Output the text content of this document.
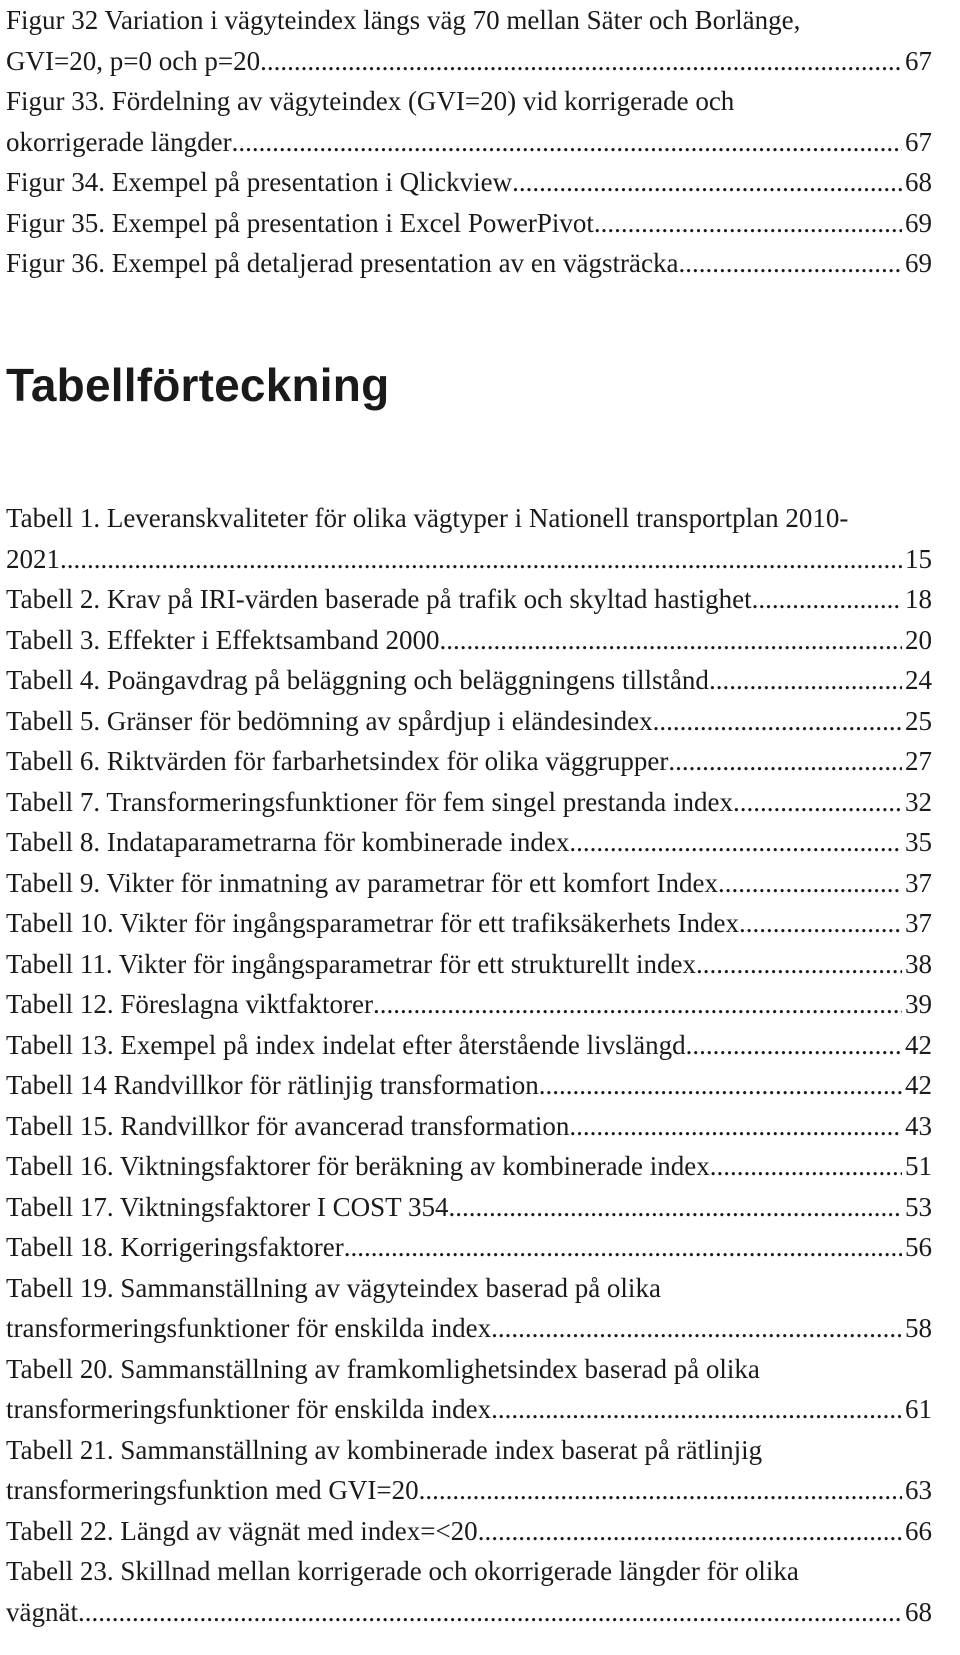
Figur 32 Variation i vägyteindex längs väg 70 mellan Säter och Borlänge,
GVI=20, p=0 och p=20. .....	67
Figur 33. Fördelning av vägyteindex (GVI=20) vid korrigerade och
okorrigerade längder .....	67
Figur 34. Exempel på presentation i Qlickview .....	68
Figur 35. Exempel på presentation i Excel PowerPivot. .....	69
Figur 36. Exempel på detaljerad presentation av en vägsträcka .....	69
Tabellförteckning
Tabell 1. Leveranskvaliteter för olika vägtyper i Nationell transportplan 2010-
2021 .....	15
Tabell 2. Krav på IRI-värden baserade på trafik och skyltad hastighet .....	18
Tabell 3. Effekter i Effektsamband 2000 .....	20
Tabell 4. Poängavdrag på beläggning och beläggningens tillstånd .....	24
Tabell 5. Gränser för bedömning av spårdjup i eländesindex .....	25
Tabell 6. Riktvärden för farbarhetsindex för olika väggrupper .....	27
Tabell 7. Transformeringsfunktioner för fem singel prestanda index .....	32
Tabell 8. Indataparametrarna för kombinerade index .....	35
Tabell 9. Vikter för inmatning av parametrar för ett komfort Index .....	37
Tabell 10. Vikter för ingångsparametrar för ett trafiksäkerhets Index .....	37
Tabell 11. Vikter för ingångsparametrar för ett strukturellt index .....	38
Tabell 12. Föreslagna viktfaktorer .....	39
Tabell 13. Exempel på index indelat efter återstående livslängd. .....	42
Tabell 14 Randvillkor för rätlinjig transformation .....	42
Tabell 15. Randvillkor för avancerad transformation .....	43
Tabell 16. Viktningsfaktorer för beräkning av kombinerade index .....	51
Tabell 17. Viktningsfaktorer I COST 354 .....	53
Tabell 18. Korrigeringsfaktorer .....	56
Tabell 19. Sammanställning av vägyteindex baserad på olika
transformeringsfunktioner för enskilda index .....	58
Tabell 20. Sammanställning av framkomlighetsindex baserad på olika
transformeringsfunktioner för enskilda index. .....	61
Tabell 21. Sammanställning av kombinerade index baserat på rätlinjig
transformeringsfunktion med GVI=20 .....	63
Tabell 22. Längd av vägnät med index=<20 .....	66
Tabell 23. Skillnad mellan korrigerade och okorrigerade längder för olika
vägnät .....	68
